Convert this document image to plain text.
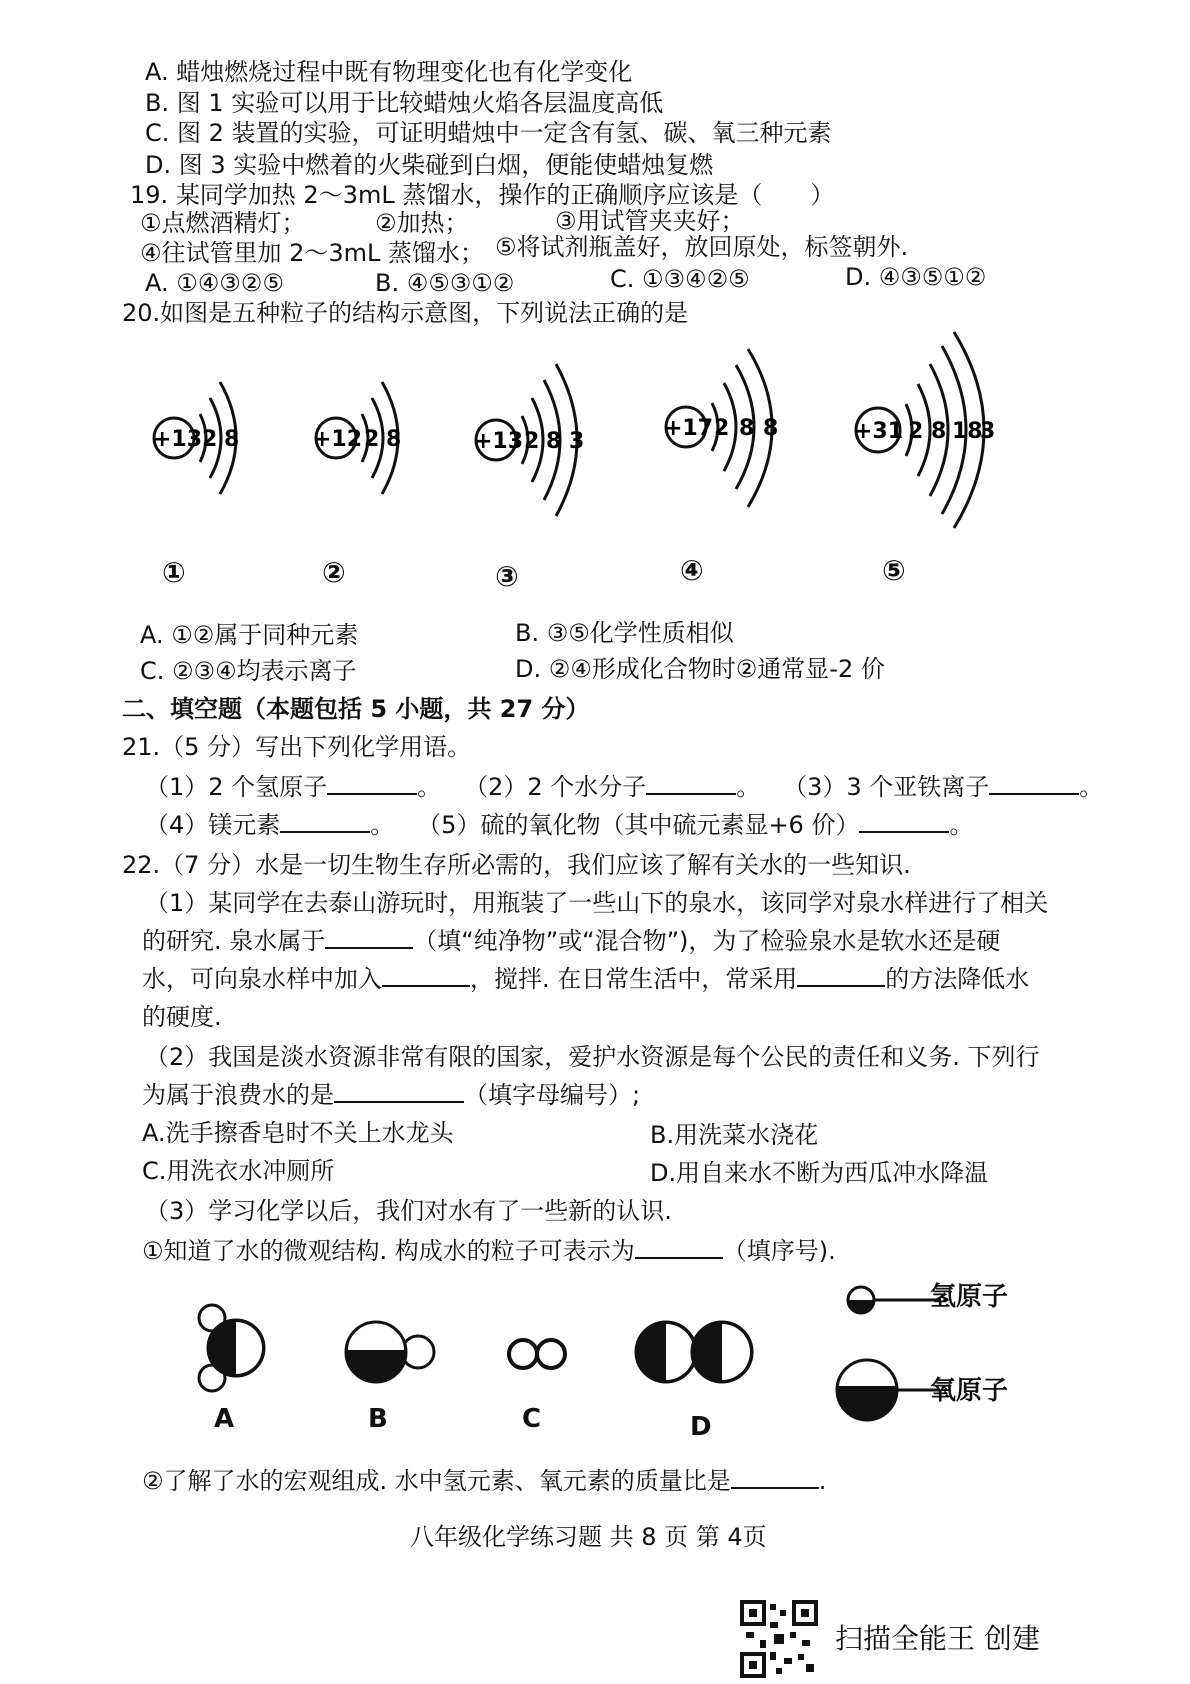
A. 蜡烛燃烧过程中既有物理变化也有化学变化
B. 图 1 实验可以用于比较蜡烛火焰各层温度高低
C. 图 2 装置的实验，可证明蜡烛中一定含有氢、碳、氧三种元素
D. 图 3 实验中燃着的火柴碰到白烟，便能使蜡烛复燃
19. 某同学加热 2～3mL 蒸馏水，操作的正确顺序应该是（　　）
①点燃酒精灯；	②加热；	③用试管夹夹好；
④往试管里加 2～3mL 蒸馏水； ⑤将试剂瓶盖好，放回原处，标签朝外.
A. ①④③②⑤	B. ④⑤③①②	C. ①③④②⑤	D. ④③⑤①②
20.如图是五种粒子的结构示意图，下列说法正确的是
+13 2 8	+12 2 8	+13 2 8 3
+17 2 8 8	+31 2 8 18
3
①	②	③	④	⑤
A. ①②属于同种元素	B. ③⑤化学性质相似
C. ②③④均表示离子	D. ②④形成化合物时②通常显-2 价
二、填空题（本题包括 5 小题，共 27 分）
21.（5 分）写出下列化学用语。
（1）2 个氢原子	。 （2）2 个水分子	。 （3）3 个亚铁离子	。
（4）镁元素	。 （5）硫的氧化物（其中硫元素显+6 价）	。
22.（7 分）水是一切生物生存所必需的，我们应该了解有关水的一些知识.
（1）某同学在去泰山游玩时，用瓶装了一些山下的泉水，该同学对泉水样进行了相关
的研究. 泉水属于	（填“纯净物”或“混合物”)，为了检验泉水是软水还是硬
水，可向泉水样中加入	，搅拌. 在日常生活中，常采用	的方法降低水
的硬度.
（2）我国是淡水资源非常有限的国家，爱护水资源是每个公民的责任和义务. 下列行
为属于浪费水的是	（填字母编号）;
A.洗手擦香皂时不关上水龙头	B.用洗菜水浇花
C.用洗衣水冲厕所	D.用自来水不断为西瓜冲水降温
（3）学习化学以后，我们对水有了一些新的认识.
①知道了水的微观结构. 构成水的粒子可表示为	（填序号).
A	B	C	D
氢原子
氧原子
②了解了水的宏观组成. 水中氢元素、氧元素的质量比是	.
八年级化学练习题 共 8 页 第 4页
扫描全能王 创建
